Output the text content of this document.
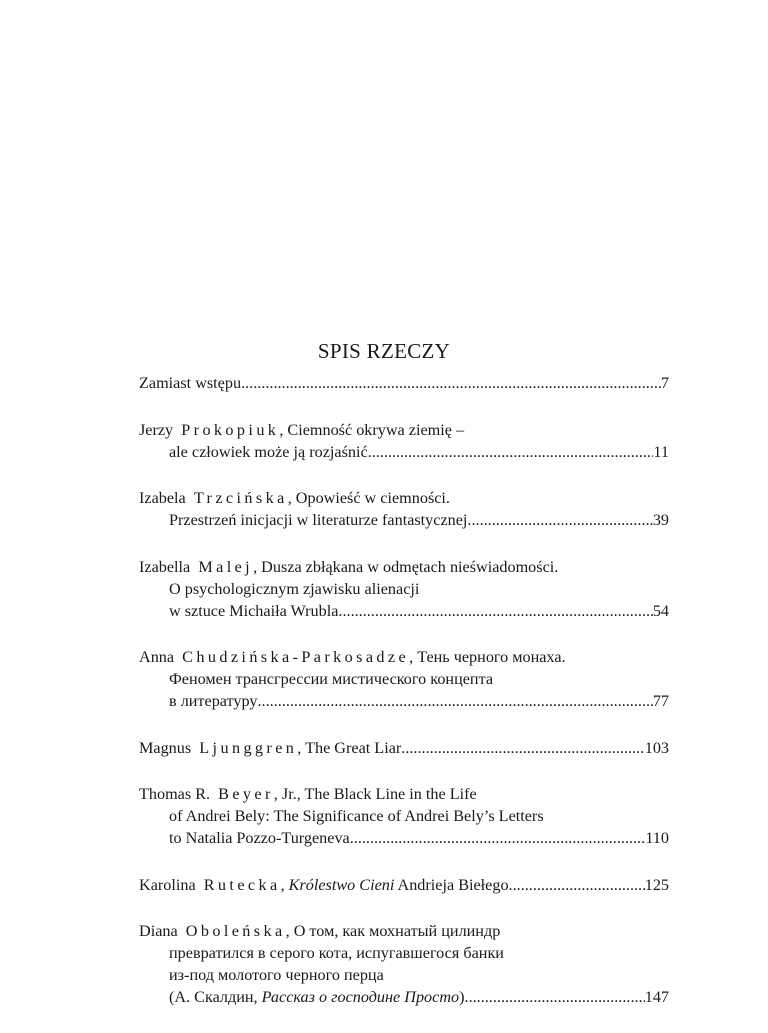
SPIS RZECZY
Zamiast wstępu .....	7
Jerzy Prokopiuk, Ciemność okrywa ziemię –
ale człowiek może ją rozjaśnić .....	11
Izabela Trzcińska, Opowieść w ciemności.
Przestrzeń inicjacji w literaturze fantastycznej .....	39
Izabella Malej, Dusza zbłąkana w odmętach nieświadomości.
O psychologicznym zjawisku alienacji
w sztuce Michaiła Wrubla .....	54
Anna Chudzińska-Parkosadze, Тень черного монаха.
Феномен трансгрессии мистического концепта
в литературу .....	77
Magnus Ljunggren, The Great Liar .....	103
Thomas R. Beyer, Jr., The Black Line in the Life
of Andrei Bely: The Significance of Andrei Bely’s Letters
to Natalia Pozzo-Turgeneva .....	110
Karolina Rutecka, Królestwo Cieni Andrieja Biełego .....	125
Diana Oboleńska, О том, как мохнатый цилиндр
превратился в серого кота, испугавшегося банки
из-под молотого черного перца
(А. Скалдин, Рассказ о господине Просто) .....	147
